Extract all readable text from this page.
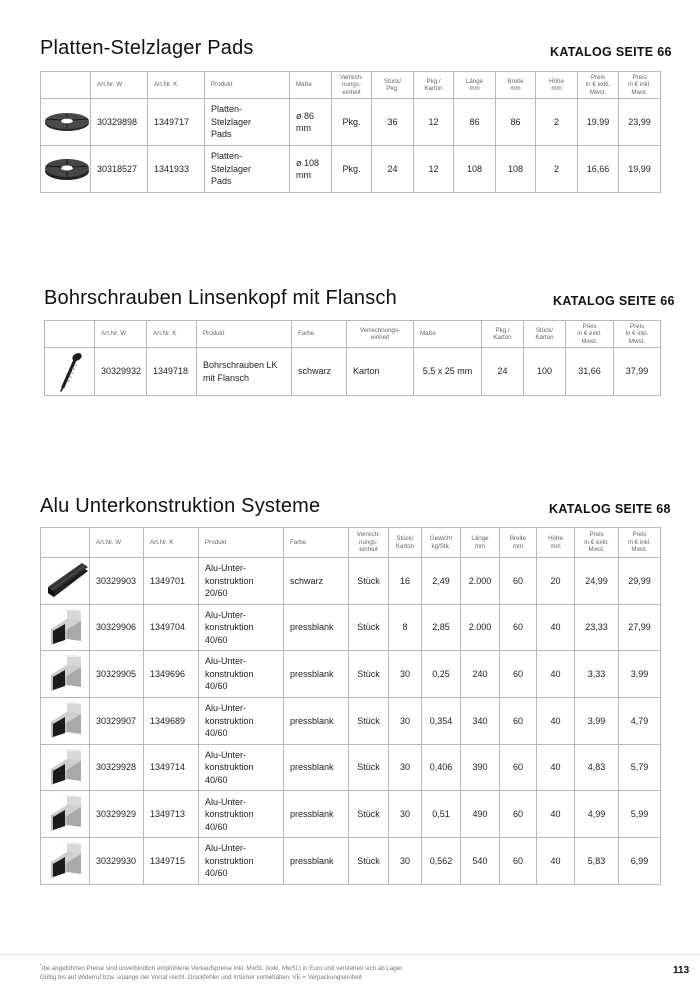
Platten-Stelzlager Pads	KATALOG SEITE 66
	Art.Nr. W	Art.Nr. K	Produkt	Maße	Verrech-
nungs-
einheit	Stück/
Pkg.	Pkg./
Karton	Länge
mm	Breite
mm	Höhe
mm	Preis
in € exkl.
Mwst.	Preis
in € inkl.
Mwst.

	30329898	1349717	Platten-
Stelzlager
Pads	ø 86 mm	Pkg.	36	12	86	86	2	19,99	23,99

	30318527	1341933	Platten-
Stelzlager
Pads	ø 108
mm	Pkg.	24	12	108	108	2	16,66	19,99
Bohrschrauben Linsenkopf mit Flansch	KATALOG SEITE 66
	Art.Nr. W	Art.Nr. K	Produkt	Farbe	Verrechnungs-
einheit	Maße	Pkg./
Karton	Stück/
Karton	Preis
in € exkl.
Mwst.	Preis
in € inkl.
Mwst.

	30329932	1349718	Bohrschrauben LK
mit Flansch	schwarz	Karton	5,5 x 25 mm	24	100	31,66	37,99
Alu Unterkonstruktion Systeme	KATALOG SEITE 68
	Art.Nr. W	Art.Nr. K	Produkt	Farbe	Verrech-
nungs-
einheit	Stück/
Karton	Gewicht
kg/Stk.	Länge
mm	Breite
mm	Höhe
mm	Preis
in € exkl.
Mwst.	Preis
in € inkl.
Mwst.

	30329903	1349701	Alu-Unter-
konstruktion
20/60	schwarz	Stück	16	2,49	2.000	60	20	24,99	29,99

	30329906	1349704	Alu-Unter-
konstruktion
40/60	pressblank	Stück	8	2,85	2.000	60	40	23,33	27,99

	30329905	1349696	Alu-Unter-
konstruktion
40/60	pressblank	Stück	30	0,25	240	60	40	3,33	3,99

	30329907	1349689	Alu-Unter-
konstruktion
40/60	pressblank	Stück	30	0,354	340	60	40	3,99	4,79

	30329928	1349714	Alu-Unter-
konstruktion
40/60	pressblank	Stück	30	0,406	390	60	40	4,83	5,79

	30329929	1349713	Alu-Unter-
konstruktion
40/60	pressblank	Stück	30	0,51	490	60	40	4,99	5,99

	30329930	1349715	Alu-Unter-
konstruktion
40/60	pressblank	Stück	30	0,562	540	60	40	5,83	6,99
*die angeführten Preise sind unverbindlich empfohlene Verkaufspreise inkl. MwSt. (exkl. MwSt.) in Euro und verstehen sich ab Lager.
Gültig bis auf Widerruf bzw. solange der Vorrat reicht. Druckfehler und Irrtümer vorbehalten. VE = Verpackungseinheit
113
